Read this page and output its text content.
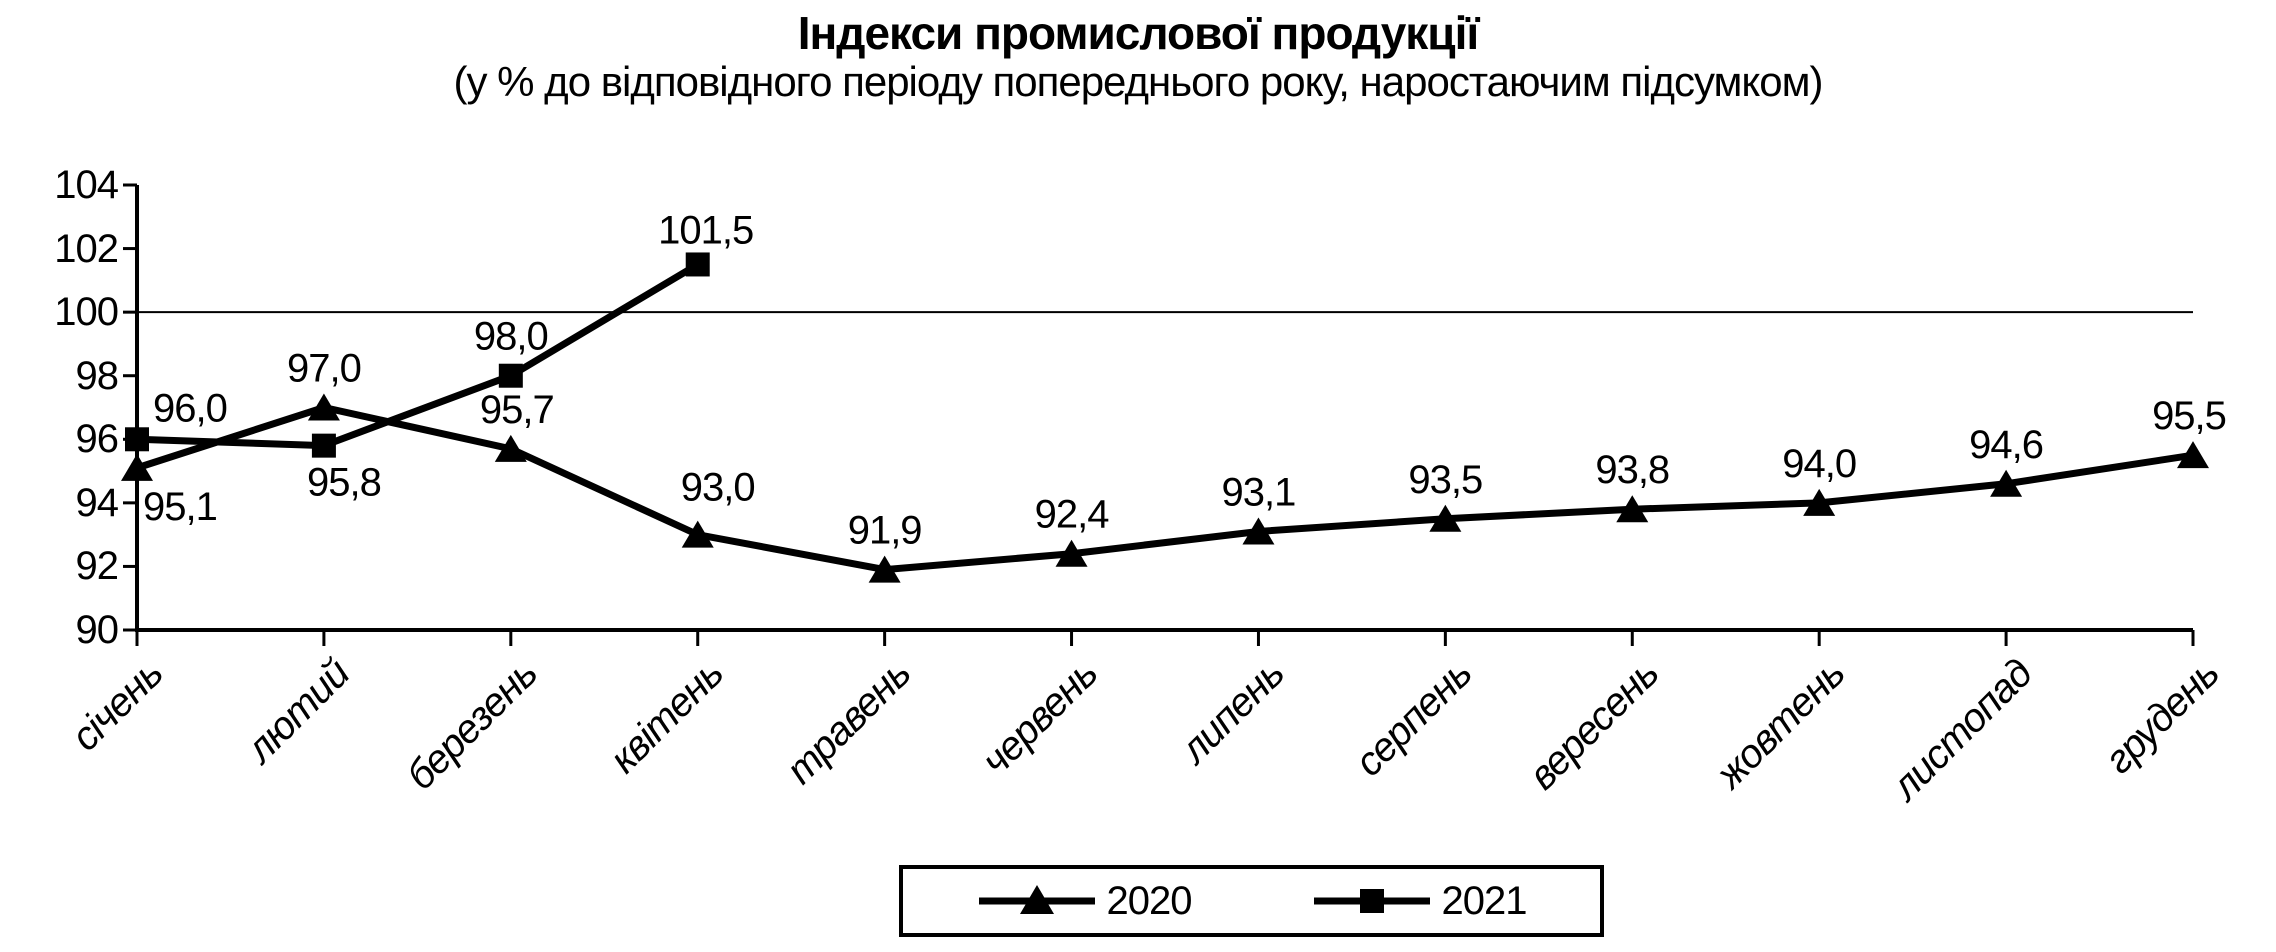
Індекси промислової продукції
(у % до відповідного періоду попереднього року, наростаючим підсумком)
95,1
97,0
95,7
93,0
91,9	92,4
93,1	93,5	93,8	94,0	94,6
95,5
96,0
95,8
98,0
101,5
90
92
94
96
98
100
102
104
січень лютий березень квітень травень червень липень серпень вересень жовтень листопад грудень
2020	2021
